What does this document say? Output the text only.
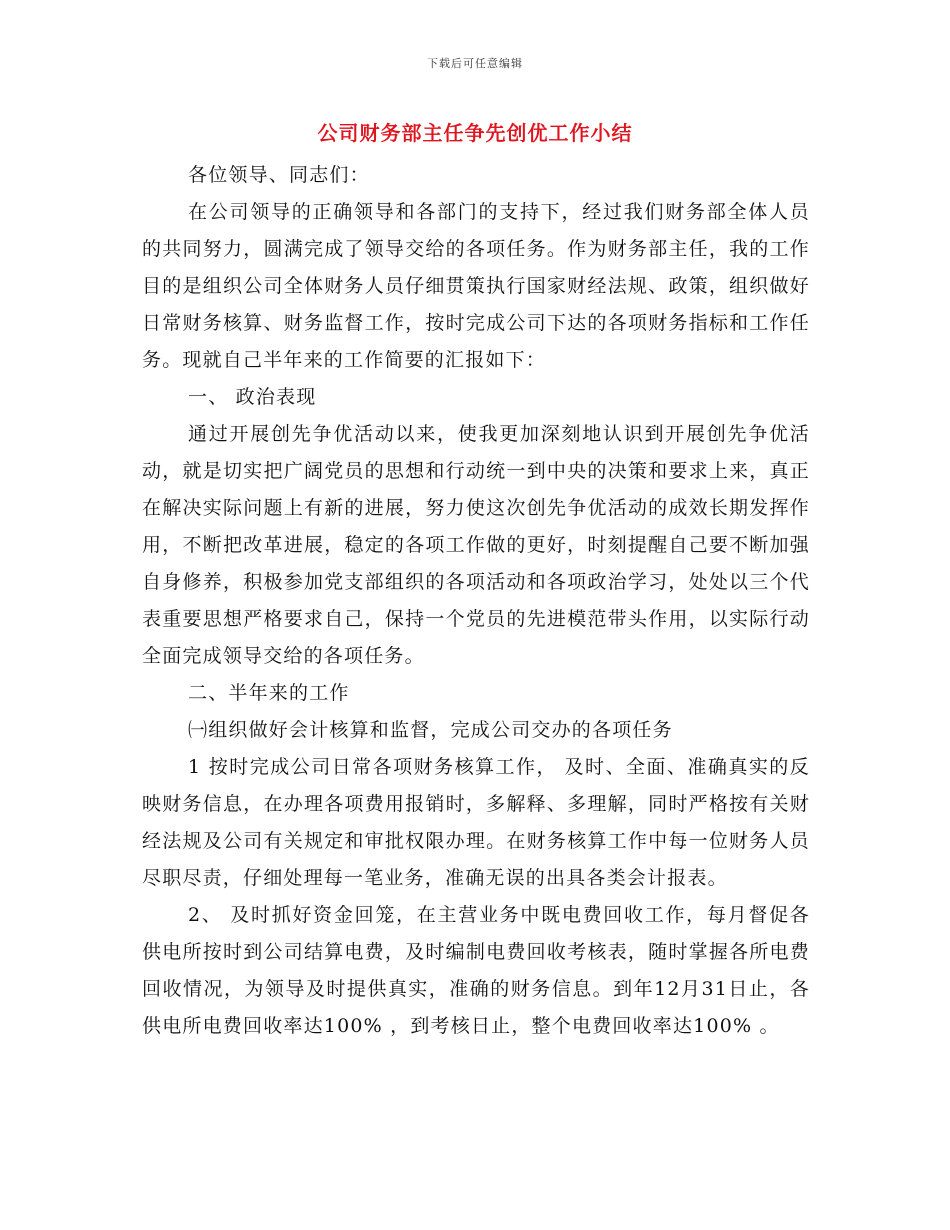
下载后可任意编辑
公司财务部主任争先创优工作小结

各位领导、同志们：

在公司领导的正确领导和各部门的支持下，经过我们财务部全体人员的共同努力，圆满完成了领导交给的各项任务。作为财务部主任，我的工作目的是组织公司全体财务人员仔细贯策执行国家财经法规、政策，组织做好日常财务核算、财务监督工作，按时完成公司下达的各项财务指标和工作任务。现就自己半年来的工作简要的汇报如下：

一、 政治表现

通过开展创先争优活动以来，使我更加深刻地认识到开展创先争优活动，就是切实把广阔党员的思想和行动统一到中央的决策和要求上来，真正在解决实际问题上有新的进展，努力使这次创先争优活动的成效长期发挥作用，不断把改革进展，稳定的各项工作做的更好，时刻提醒自己要不断加强自身修养，积极参加党支部组织的各项活动和各项政治学习，处处以三个代表重要思想严格要求自己，保持一个党员的先进模范带头作用，以实际行动全面完成领导交给的各项任务。

二、半年来的工作

㈠组织做好会计核算和监督，完成公司交办的各项任务

1 按时完成公司日常各项财务核算工作， 及时、全面、准确真实的反映财务信息，在办理各项费用报销时，多解释、多理解，同时严格按有关财经法规及公司有关规定和审批权限办理。在财务核算工作中每一位财务人员尽职尽责，仔细处理每一笔业务，准确无误的出具各类会计报表。

2、 及时抓好资金回笼，在主营业务中既电费回收工作，每月督促各供电所按时到公司结算电费，及时编制电费回收考核表，随时掌握各所电费回收情况，为领导及时提供真实，准确的财务信息。到年12月31日止，各供电所电费回收率达100% ，到考核日止，整个电费回收率达100% 。
